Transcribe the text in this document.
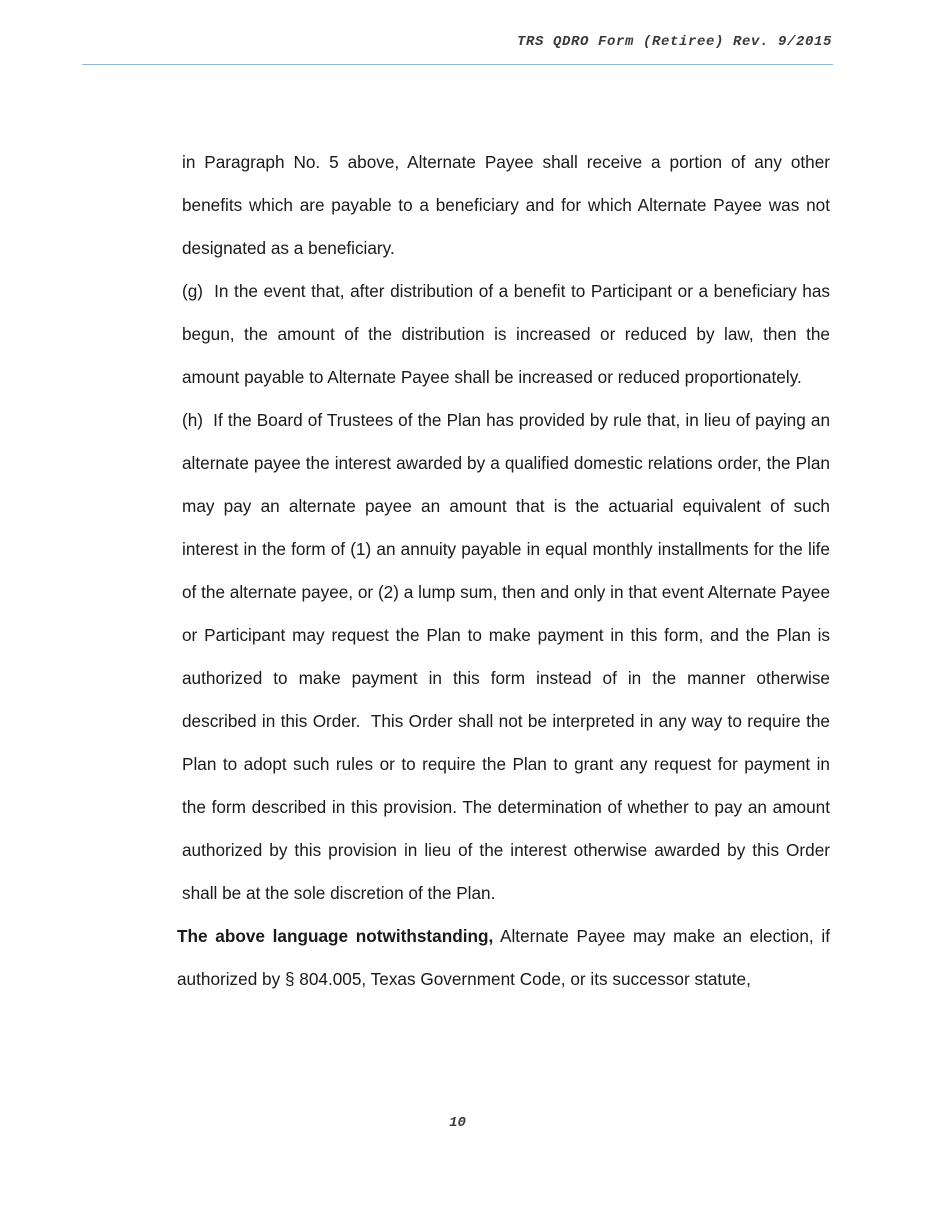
TRS QDRO Form (Retiree) Rev. 9/2015

in Paragraph No. 5 above, Alternate Payee shall receive a portion of any other benefits which are payable to a beneficiary and for which Alternate Payee was not designated as a beneficiary.

(g)  In the event that, after distribution of a benefit to Participant or a beneficiary has begun, the amount of the distribution is increased or reduced by law, then the amount payable to Alternate Payee shall be increased or reduced proportionately.

(h)  If the Board of Trustees of the Plan has provided by rule that, in lieu of paying an alternate payee the interest awarded by a qualified domestic relations order, the Plan may pay an alternate payee an amount that is the actuarial equivalent of such interest in the form of (1) an annuity payable in equal monthly installments for the life of the alternate payee, or (2) a lump sum, then and only in that event Alternate Payee or Participant may request the Plan to make payment in this form, and the Plan is authorized to make payment in this form instead of in the manner otherwise described in this Order.  This Order shall not be interpreted in any way to require the Plan to adopt such rules or to require the Plan to grant any request for payment in the form described in this provision. The determination of whether to pay an amount authorized by this provision in lieu of the interest otherwise awarded by this Order shall be at the sole discretion of the Plan.

The above language notwithstanding, Alternate Payee may make an election, if authorized by § 804.005, Texas Government Code, or its successor statute,

10
